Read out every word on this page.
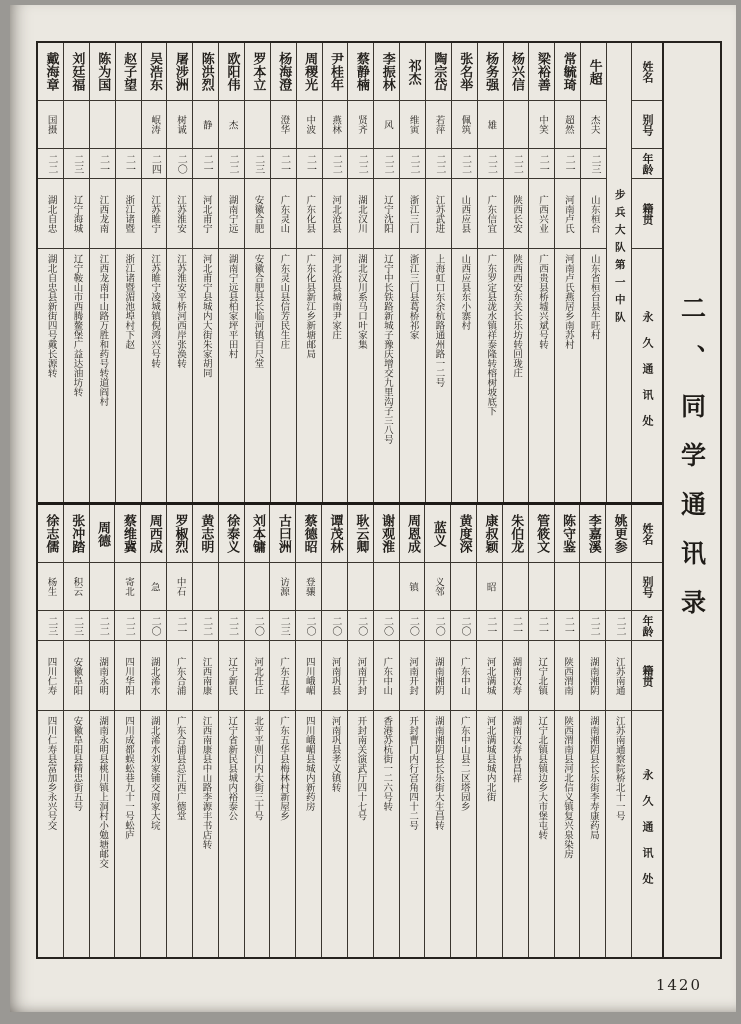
姓名
别号
年龄
籍贯
永久通讯处
步兵大队第一中队
牛超
杰夫
二三
山东桓台
山东省桓台县牛旺村
常毓琦
超然
二一
河南卢氏
河南卢氏燕居乡南苏村
梁裕善
中笑
二一
广西兴业
广西贵县桥墟兴斌号转
杨兴信
二二
陕西长安
陕西西安东关长乐坊转回珑庄
杨务强
雄
二二
广东信宜
广东罗定县泷水镇祥泰隆转榕树坡底下
张名举
佩筑
二二
山西应县
山西应县东小寨村
陶宗岱
若萍
二二
江苏武进
上海虹口东余杭路通州路一二号
祁杰
维寅
二二
浙江三门
浙江三门县葛桥祁家
李振林
风
二二
辽宁沈阳
辽宁中长铁路新城子豫庆增交九里沟子三八号
蔡静楠
贤齐
二二
湖北汉川
湖北汉川系马口叶家集
尹桂年
燕林
二二
河北沧县
河北沧县城南尹家庄
周稷光
中波
二一
广东化县
广东化县新江乡新塘邮局
杨海澄
澄华
二一
广东灵山
广东灵山县信芳民生庄
罗本立
二三
安徽合肥
安徽合肥县长临河镇百尺堂
欧阳伟
杰
二二
湖南宁远
湖南宁远县柏家坪平田村
陈洪烈
静
二一
河北甫宁
河北甫宁县城内大街朱家胡同
屠涉洲
树诚
二〇
江苏淮安
江苏淮安平桥河西岸张涣转
吴浩东
岷涛
二四
江苏睢宁
江苏睢宁凌城镇倪鸿兴号转
赵子望
二一
浙江诸暨
浙江诸暨湄池埠村下赵
陈为国
二一
江西龙南
江西龙南中山路万胜和药号转道阎村
刘廷福
二三
辽宁海城
辽宁鞍山市西腾鳌堡广益达油坊转
戴海章
国摄
二二
湖北自忠
湖北自忠县新街四号戴长源转
姓名
别号
年龄
籍贯
永久通讯处
姚更参
二二
江苏南通
江苏南通察院桥北十一号
李嘉溪
二二
湖南湘阴
湖南湘阴县长乐街李寿康药局
陈守鉴
二一
陕西渭南
陕西渭南县河北信义镇复兴泉染房
管筱文
二一
辽宁北镇
辽宁北镇县镇边乡大市堡屯转
朱伯龙
二一
湖南汉寿
湖南汉寿协昌祥
康叔颖
昭
二一
河北满城
河北满城县城内北街
黄度深
二〇
广东中山
广东中山县二区塔园乡
蓝义
义邻
二〇
湖南湘阴
湖南湘阴县长乐街大生昌转
周恩成
镇
二〇
河南开封
开封曹门内行宫角四十二号
谢观淮
二〇
广东中山
香港苏杭街一二六号转
耿云卿
二〇
河南开封
开封南关演武厅四十七号
谭茂林
二〇
河南巩县
河南巩县孝义镇转
蔡德昭
登骧
二〇
四川峨嵋
四川峨嵋县城内新药房
古曰洲
访源
二三
广东五华
广东五华县梅林村新屋乡
刘本镛
二〇
河北任丘
北平平则门内大街三十号
徐泰义
二二
辽宁新民
辽宁省新民县城内裕泰公
黄志明
二二
江西南康
江西南康县中山路李源丰书店转
罗椒烈
中石
二一
广东合浦
广东合浦县总江西广德堂
周西成
急
二〇
湖北浠水
湖北浠水刘家铺交周家大垸
蔡维冀
寄北
二二
四川华阳
四川成都蜈蚣巷九十一号蚣庐
周德
二二
湖南永明
湖南永明县桃川镇上洞村小勉塘邮交
张冲踏
积云
二三
安徽阜阳
安徽阜阳县精忠街五号
徐志儒
杨生
二三
四川仁寿
四川仁寿县富加乡永兴号交
二、同学通讯录
1420
